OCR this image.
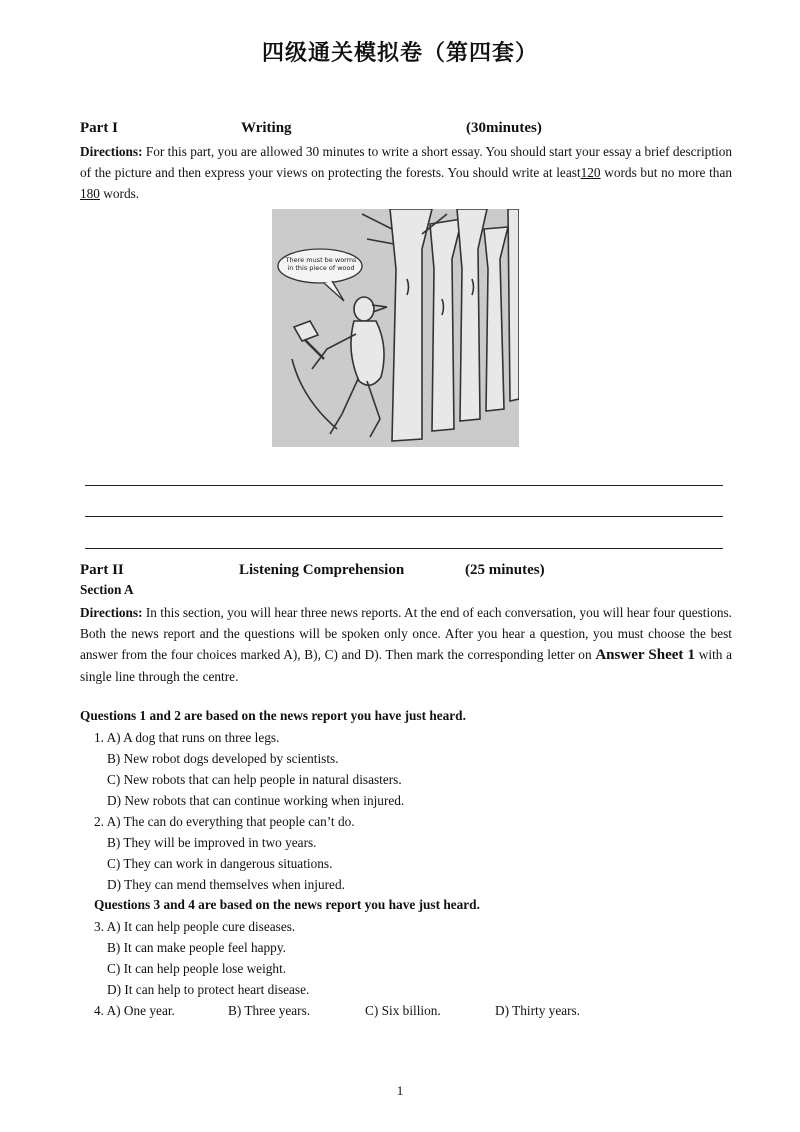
四级通关模拟卷（第四套）
Part I	Writing	(30minutes)
Directions: For this part, you are allowed 30 minutes to write a short essay. You should start your essay a brief description of the picture and then express your views on protecting the forests. You should write at least120 words but no more than 180 words.
There must be worms in this piece of wood
Part II	Listening Comprehension	(25 minutes)
Section A
Directions: In this section, you will hear three news reports. At the end of each conversation, you will hear four questions. Both the news report and the questions will be spoken only once. After you hear a question, you must choose the best answer from the four choices marked A), B), C) and D). Then mark the corresponding letter on Answer Sheet 1 with a single line through the centre.
Questions 1 and 2 are based on the news report you have just heard.
1. A) A dog that runs on three legs.
B) New robot dogs developed by scientists.
C) New robots that can help people in natural disasters.
D) New robots that can continue working when injured.
2. A) The can do everything that people can’t do.
B) They will be improved in two years.
C) They can work in dangerous situations.
D) They can mend themselves when injured.
Questions 3 and 4 are based on the news report you have just heard.
3. A) It can help people cure diseases.
B) It can make people feel happy.
C) It can help people lose weight.
D) It can help to protect heart disease.
4. A) One year.	B) Three years.	C) Six billion.	D) Thirty years.
1
